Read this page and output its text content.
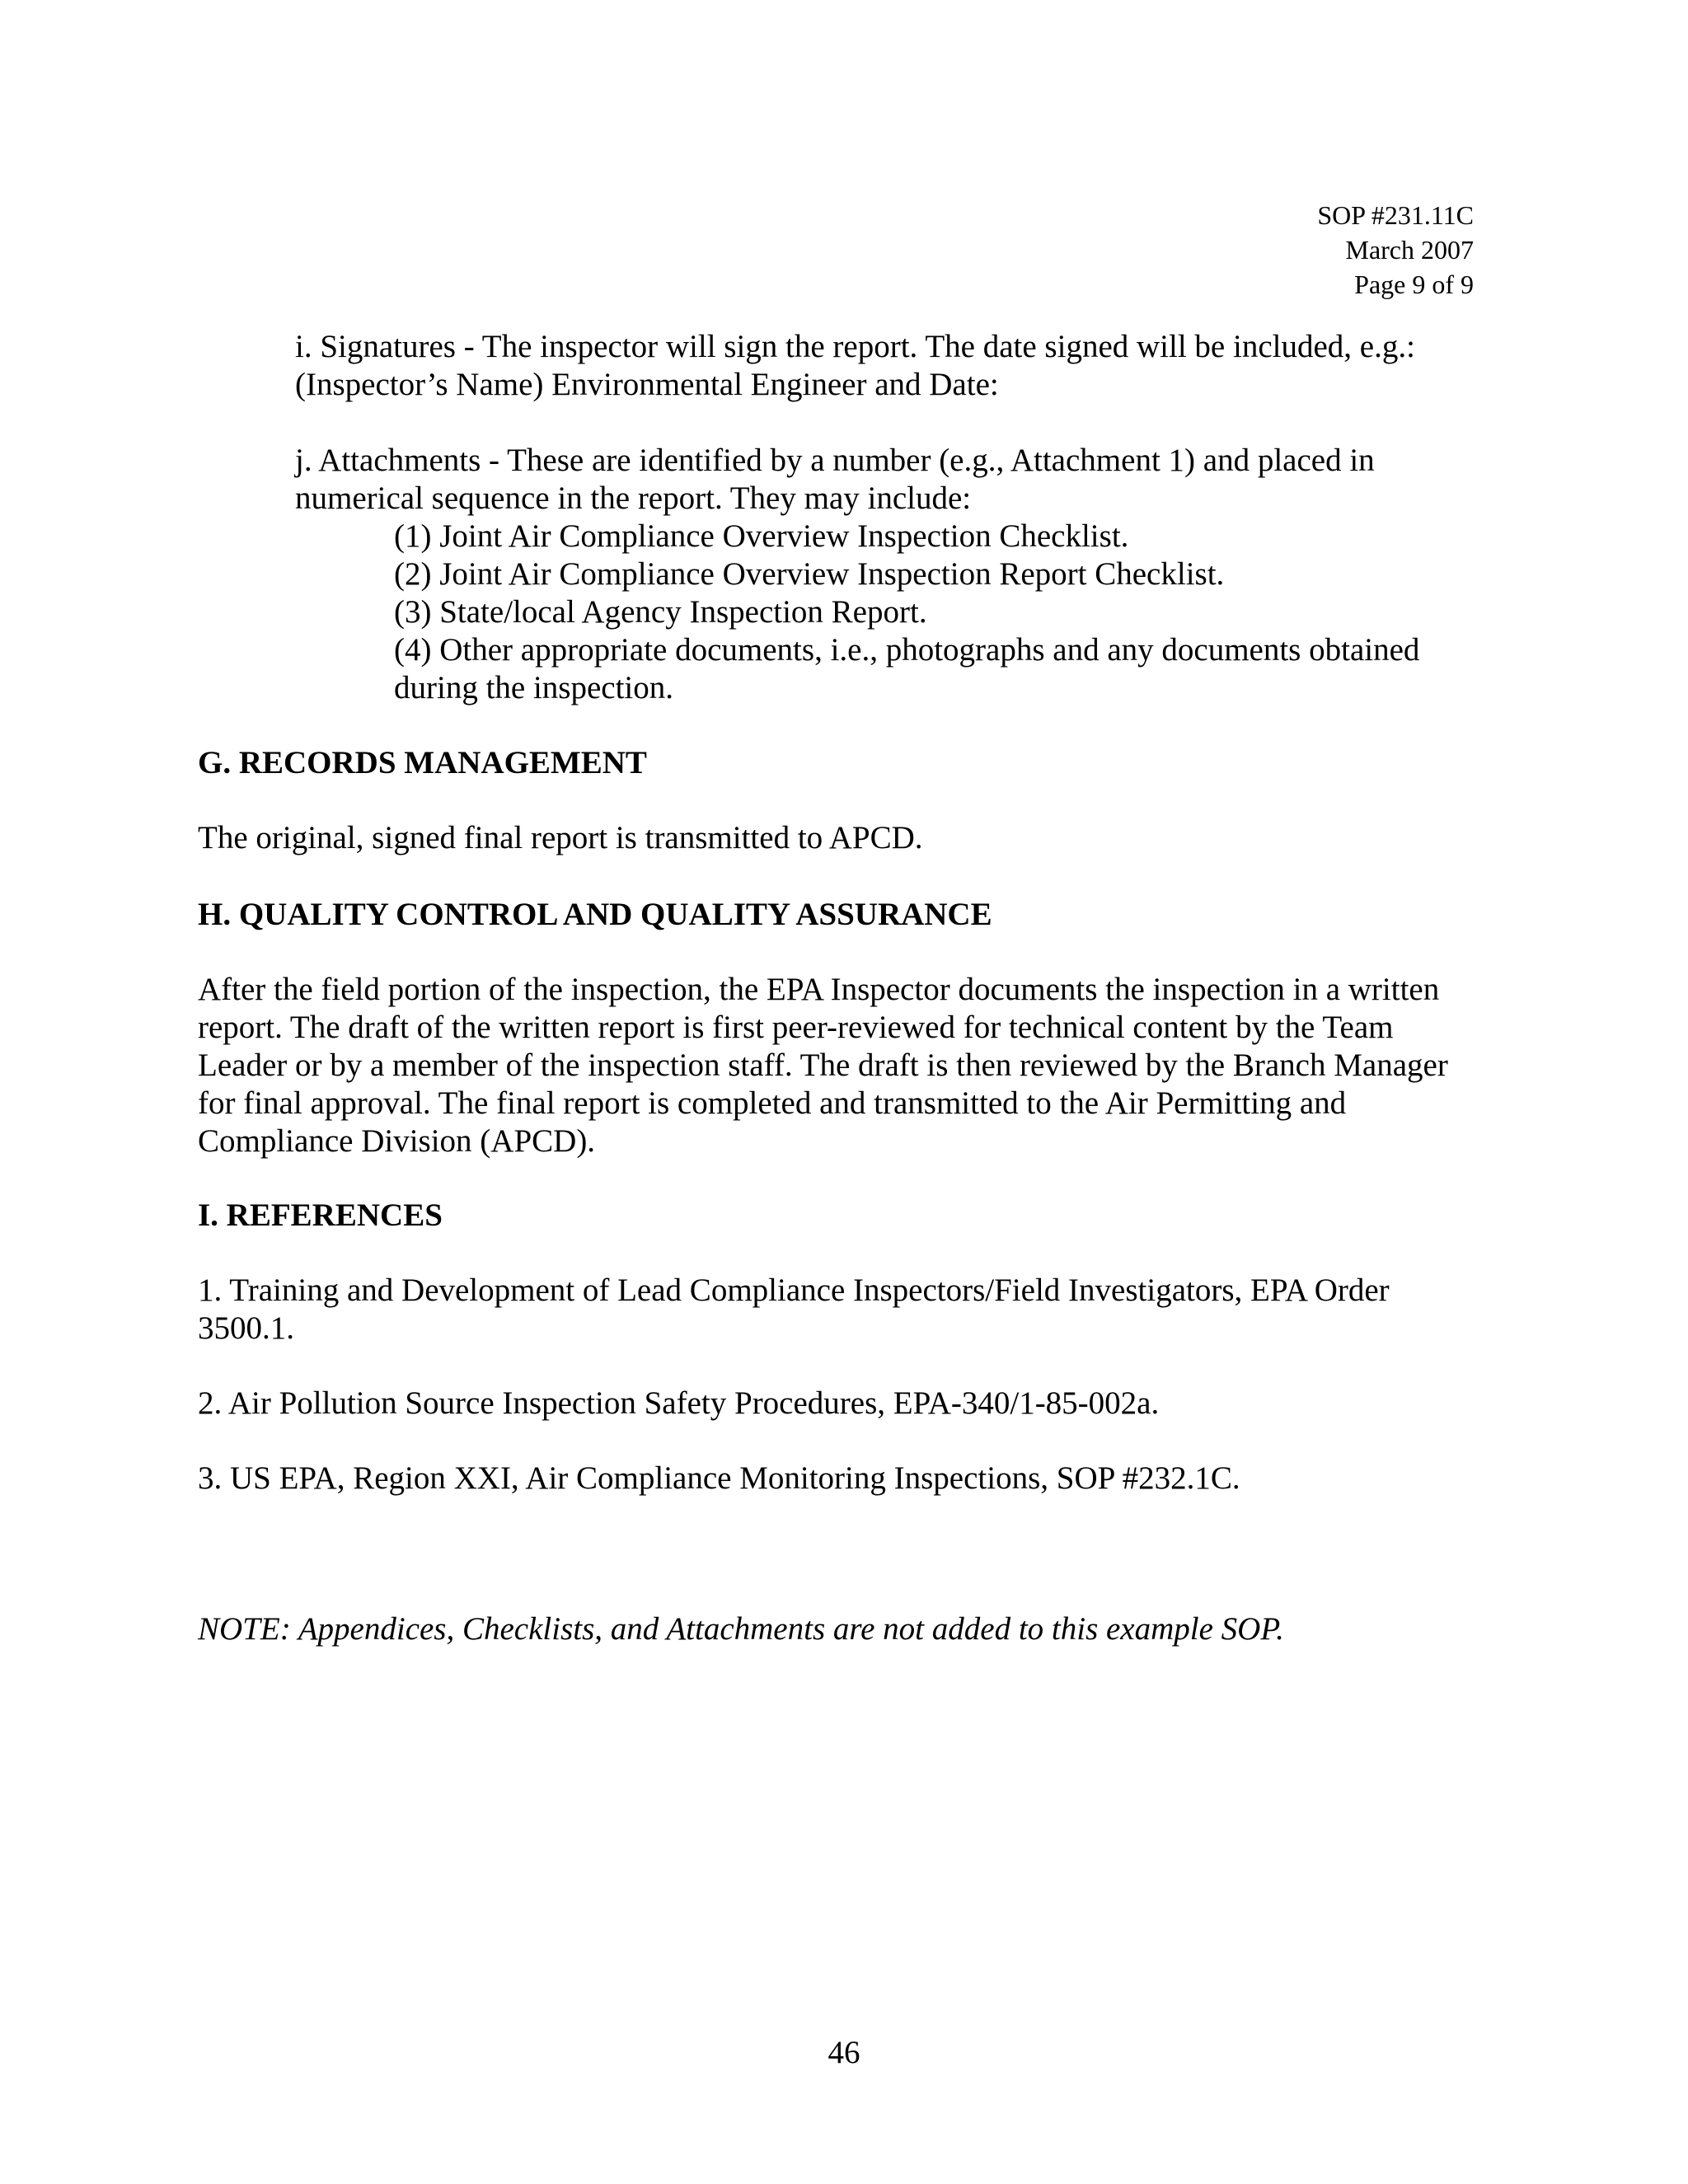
SOP #231.11C
March 2007
Page 9 of 9
i. Signatures - The inspector will sign the report. The date signed will be included, e.g.:
(Inspector’s Name) Environmental Engineer and Date:
j. Attachments - These are identified by a number (e.g., Attachment 1) and placed in
numerical sequence in the report. They may include:
(1) Joint Air Compliance Overview Inspection Checklist.
(2) Joint Air Compliance Overview Inspection Report Checklist.
(3) State/local Agency Inspection Report.
(4) Other appropriate documents, i.e., photographs and any documents obtained
during the inspection.
G. RECORDS MANAGEMENT
The original, signed final report is transmitted to APCD.
H. QUALITY CONTROL AND QUALITY ASSURANCE
After the field portion of the inspection, the EPA Inspector documents the inspection in a written
report. The draft of the written report is first peer-reviewed for technical content by the Team
Leader or by a member of the inspection staff. The draft is then reviewed by the Branch Manager
for final approval. The final report is completed and transmitted to the Air Permitting and
Compliance Division (APCD).
I. REFERENCES
1. Training and Development of Lead Compliance Inspectors/Field Investigators, EPA Order
3500.1.
2. Air Pollution Source Inspection Safety Procedures, EPA-340/1-85-002a.
3. US EPA, Region XXI, Air Compliance Monitoring Inspections, SOP #232.1C.
NOTE: Appendices, Checklists, and Attachments are not added to this example SOP.
46
